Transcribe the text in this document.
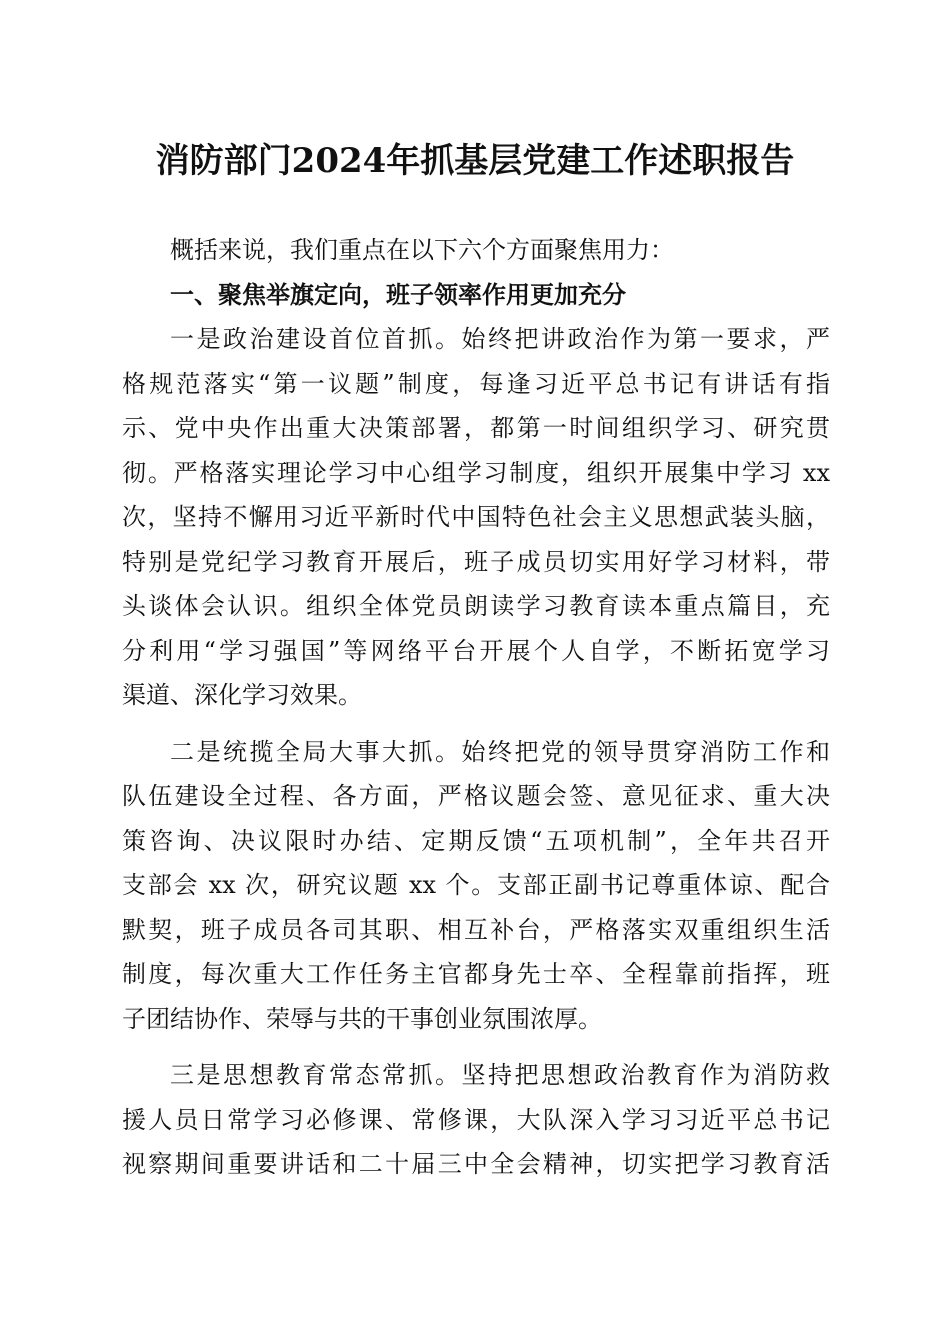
消防部门2024年抓基层党建工作述职报告
概括来说，我们重点在以下六个方面聚焦用力：
一、聚焦举旗定向，班子领率作用更加充分
一是政治建设首位首抓。始终把讲政治作为第一要求，严
格规范落实“第一议题”制度，每逢习近平总书记有讲话有指
示、党中央作出重大决策部署，都第一时间组织学习、研究贯
彻。严格落实理论学习中心组学习制度，组织开展集中学习 xx
次，坚持不懈用习近平新时代中国特色社会主义思想武装头脑，
特别是党纪学习教育开展后，班子成员切实用好学习材料，带
头谈体会认识。组织全体党员朗读学习教育读本重点篇目，充
分利用“学习强国”等网络平台开展个人自学，不断拓宽学习
渠道、深化学习效果。
二是统揽全局大事大抓。始终把党的领导贯穿消防工作和
队伍建设全过程、各方面，严格议题会签、意见征求、重大决
策咨询、决议限时办结、定期反馈“五项机制”，全年共召开
支部会 xx 次，研究议题 xx 个。支部正副书记尊重体谅、配合
默契，班子成员各司其职、相互补台，严格落实双重组织生活
制度，每次重大工作任务主官都身先士卒、全程靠前指挥，班
子团结协作、荣辱与共的干事创业氛围浓厚。
三是思想教育常态常抓。坚持把思想政治教育作为消防救
援人员日常学习必修课、常修课，大队深入学习习近平总书记
视察期间重要讲话和二十届三中全会精神，切实把学习教育活
